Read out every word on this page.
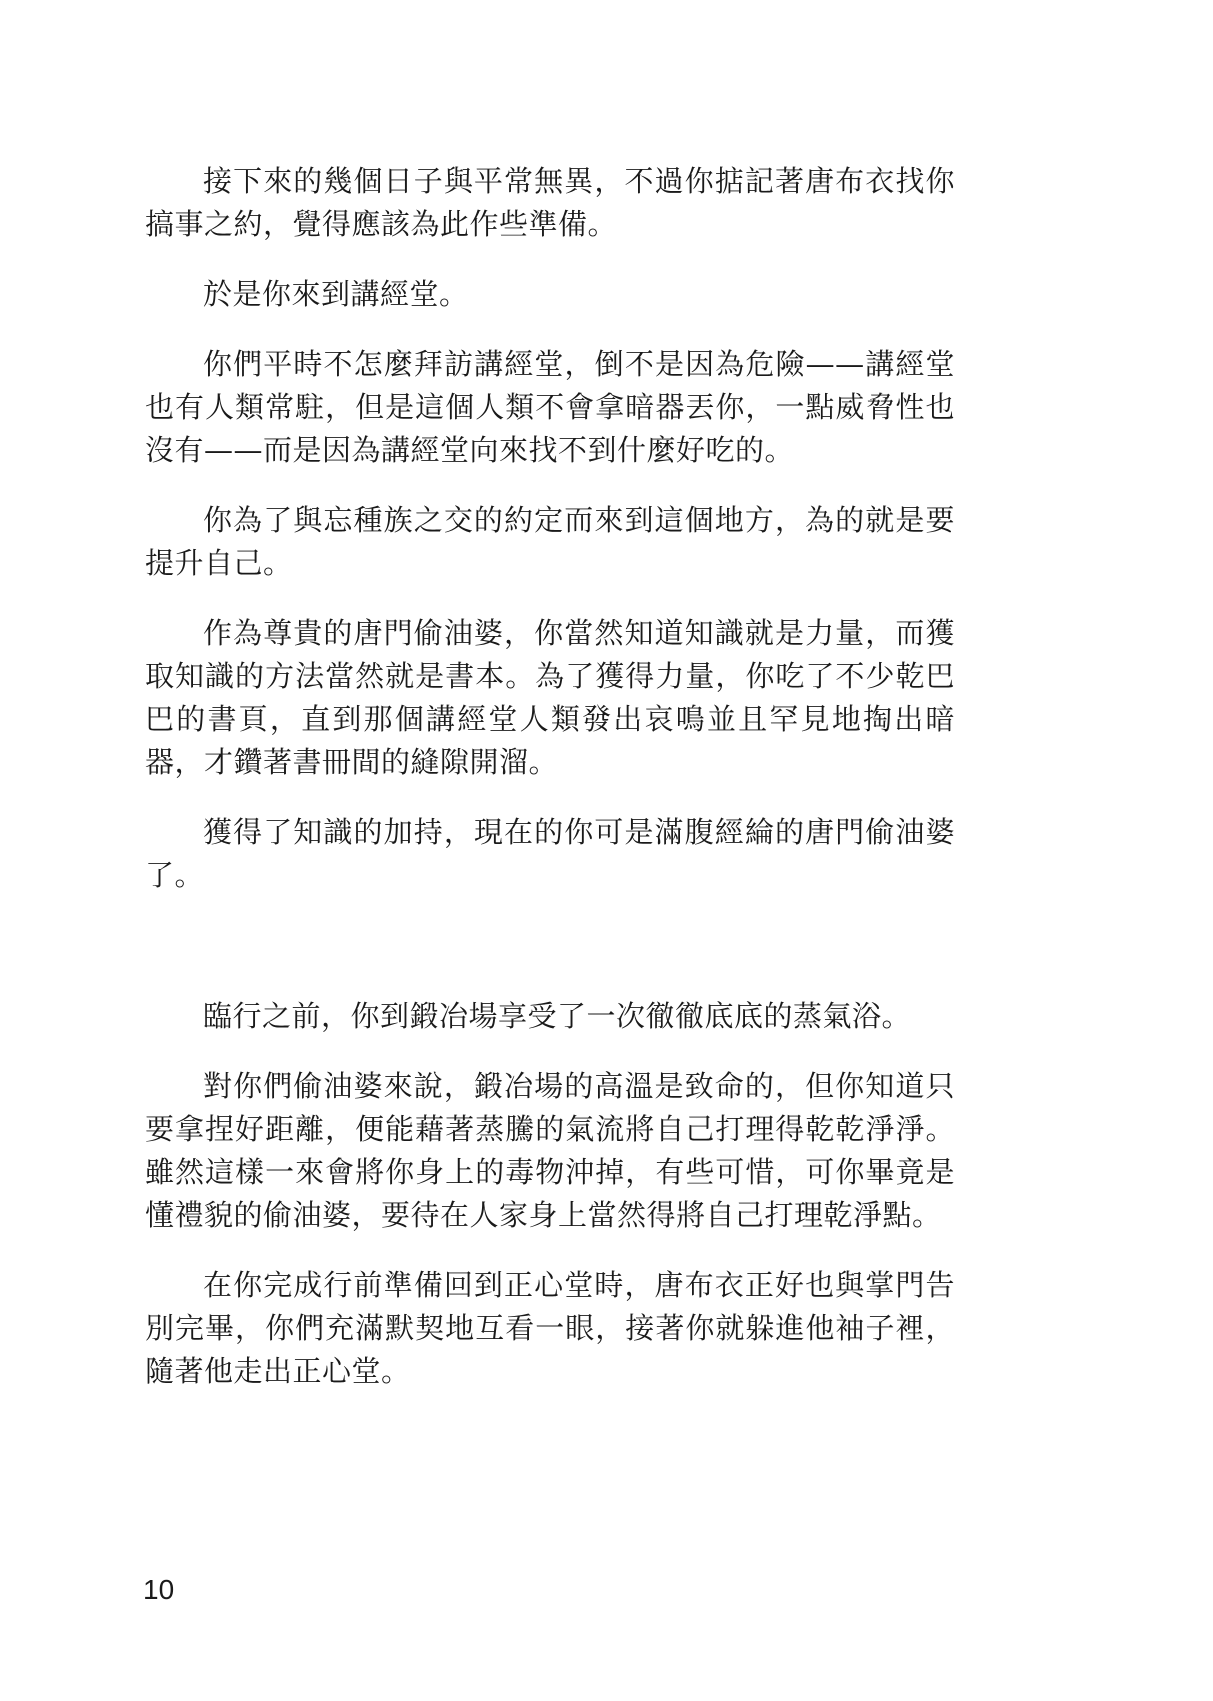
接下來的幾個日子與平常無異，不過你掂記著唐布衣找你搞事之約，覺得應該為此作些準備。

於是你來到講經堂。

你們平時不怎麼拜訪講經堂，倒不是因為危險——講經堂也有人類常駐，但是這個人類不會拿暗器丟你，一點威脅性也沒有——而是因為講經堂向來找不到什麼好吃的。

你為了與忘種族之交的約定而來到這個地方，為的就是要提升自己。

作為尊貴的唐門偷油婆，你當然知道知識就是力量，而獲取知識的方法當然就是書本。為了獲得力量，你吃了不少乾巴巴的書頁，直到那個講經堂人類發出哀鳴並且罕見地掏出暗器，才鑽著書冊間的縫隙開溜。

獲得了知識的加持，現在的你可是滿腹經綸的唐門偷油婆了。

臨行之前，你到鍛冶場享受了一次徹徹底底的蒸氣浴。

對你們偷油婆來說，鍛冶場的高溫是致命的，但你知道只要拿捏好距離，便能藉著蒸騰的氣流將自己打理得乾乾淨淨。雖然這樣一來會將你身上的毒物沖掉，有些可惜，可你畢竟是懂禮貌的偷油婆，要待在人家身上當然得將自己打理乾淨點。

在你完成行前準備回到正心堂時，唐布衣正好也與掌門告別完畢，你們充滿默契地互看一眼，接著你就躲進他袖子裡，隨著他走出正心堂。

10
